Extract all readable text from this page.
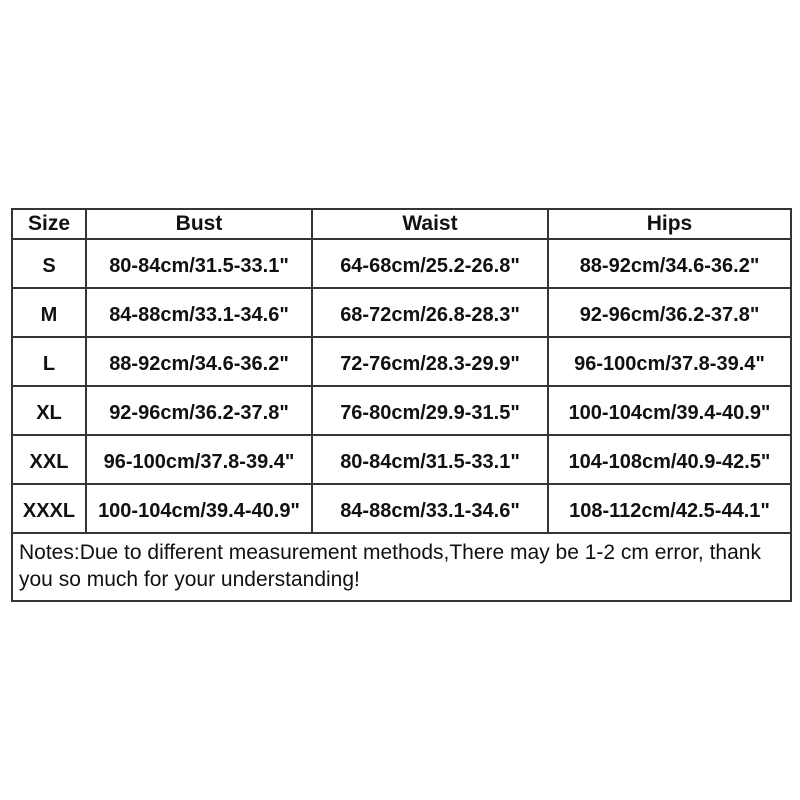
Size	Bust	Waist	Hips
S	80-84cm/31.5-33.1"	64-68cm/25.2-26.8"	88-92cm/34.6-36.2"
M	84-88cm/33.1-34.6"	68-72cm/26.8-28.3"	92-96cm/36.2-37.8"
L	88-92cm/34.6-36.2"	72-76cm/28.3-29.9"	96-100cm/37.8-39.4"
XL	92-96cm/36.2-37.8"	76-80cm/29.9-31.5"	100-104cm/39.4-40.9"
XXL	96-100cm/37.8-39.4"	80-84cm/31.5-33.1"	104-108cm/40.9-42.5"
XXXL	100-104cm/39.4-40.9"	84-88cm/33.1-34.6"	108-112cm/42.5-44.1"

Notes:Due to different measurement methods,There may be 1-2 cm error, thank
you so much for your understanding!			
